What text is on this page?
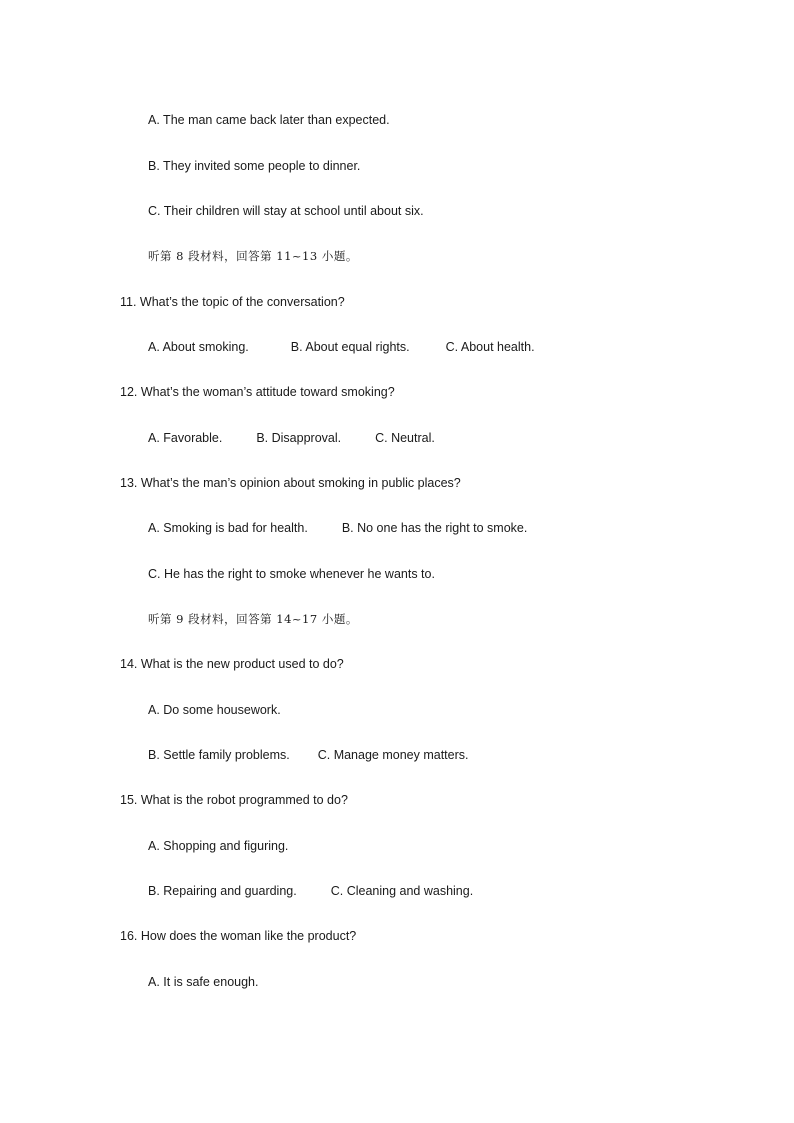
A. The man came back later than expected.
B. They invited some people to dinner.
C. Their children will stay at school until about six.
听第 8 段材料，回答第 11~13 小题。
11. What’s the topic of the conversation?
A. About smoking.	B. About equal rights.	C. About health.
12. What’s the woman’s attitude toward smoking?
A. Favorable.	B. Disapproval.	C. Neutral.
13. What’s the man’s opinion about smoking in public places?
A. Smoking is bad for health.	B. No one has the right to smoke.
C. He has the right to smoke whenever he wants to.
听第 9 段材料，回答第 14~17 小题。
14. What is the new product used to do?
A. Do some housework.
B. Settle family problems. C. Manage money matters.
15. What is the robot programmed to do?
A. Shopping and figuring.
B. Repairing and guarding.	C. Cleaning and washing.
16. How does the woman like the product?
A. It is safe enough.
